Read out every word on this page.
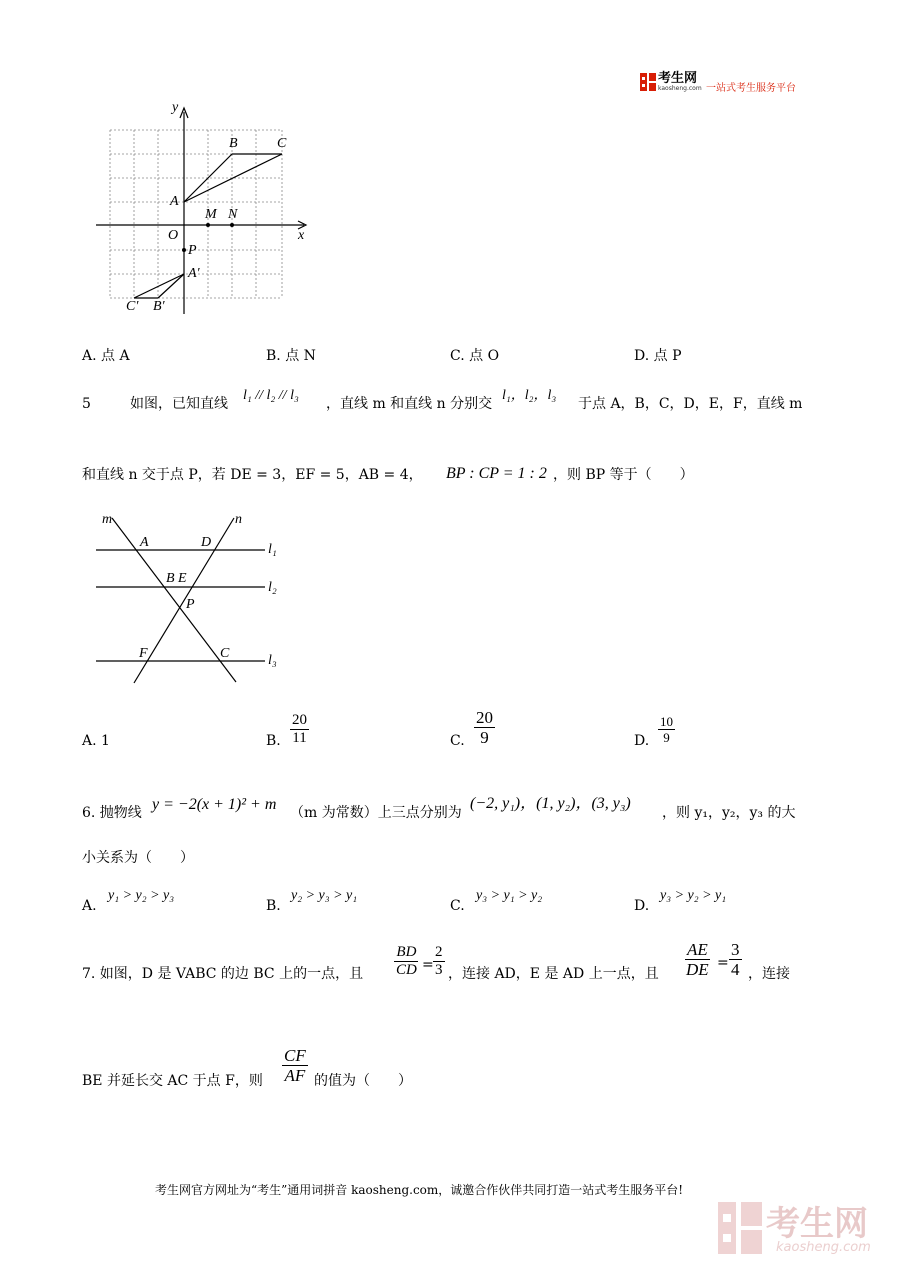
考生网
kaosheng.com 一站式考生服务平台
y
x
O
A
B	C
M N
P
A′
B′
C′
A. 点 A	B. 点 N	C. 点 O	D. 点 P
5	如图，已知直线
l₁ // l₂ // l₃
，直线 m 和直线 n 分别交
l₁，l₂，l₃
于点 A，B，C，D，E，F，直线 m
和直线 n 交于点 P，若 DE = 3，EF = 5，AB = 4， BP : CP = 1 : 2 ，则 BP 等于（　　）
m	n
A	D
B E
P
F	C
l₁
l₂
l₃
A. 1	B. $\frac{20}{11}$	C. $\frac{20}{9}$	D. $\frac{10}{9}$
6. 抛物线 y = −2(x + 1)² + m （m 为常数）上三点分别为
(−2, y₁)，(1, y₂)，(3, y₃)
，则 y₁，y₂，y₃ 的大
小关系为（　　）
A.
y₁ > y₂ > y₃
B.
y₂ > y₃ > y₁
C.
y₃ > y₁ > y₂
D.
y₃ > y₂ > y₁
7. 如图，D 是 VABC 的边 BC 上的一点，且 $\frac{BD}{CD} = \frac{2}{3}$ ，连接 AD，E 是 AD 上一点，且 $\frac{AE}{DE} = \frac{3}{4}$ ，连接
BE 并延长交 AC 于点 F，则 $\frac{CF}{AF}$ 的值为（　　）
考生网官方网址为“考生”通用词拼音 kaosheng.com，诚邀合作伙伴共同打造一站式考生服务平台!
考生网
kaosheng.com
